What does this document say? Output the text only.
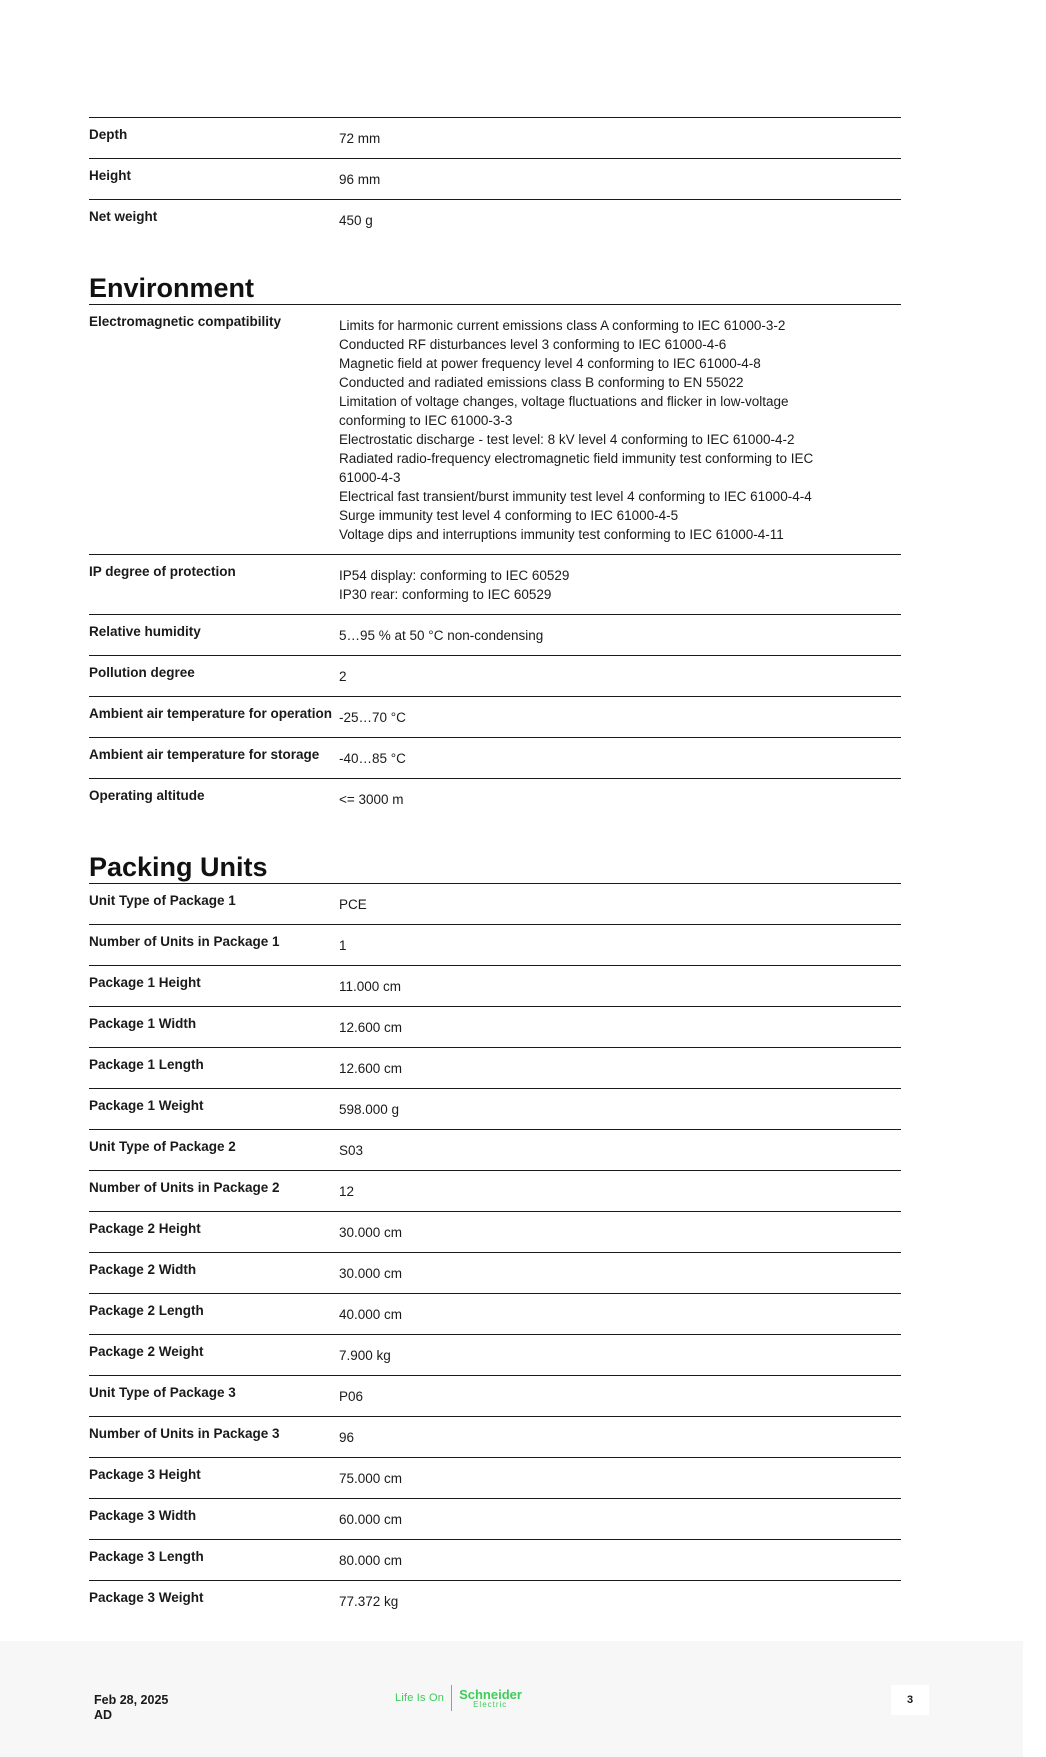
Depth	72 mm
Height	96 mm
Net weight	450 g
Environment
Electromagnetic compatibility	Limits for harmonic current emissions class A conforming to IEC 61000-3-2
Conducted RF disturbances level 3 conforming to IEC 61000-4-6
Magnetic field at power frequency level 4 conforming to IEC 61000-4-8
Conducted and radiated emissions class B conforming to EN 55022
Limitation of voltage changes, voltage fluctuations and flicker in low-voltage
conforming to IEC 61000-3-3
Electrostatic discharge - test level: 8 kV level 4 conforming to IEC 61000-4-2
Radiated radio-frequency electromagnetic field immunity test conforming to IEC
61000-4-3
Electrical fast transient/burst immunity test level 4 conforming to IEC 61000-4-4
Surge immunity test level 4 conforming to IEC 61000-4-5
Voltage dips and interruptions immunity test conforming to IEC 61000-4-11
IP degree of protection	IP54 display: conforming to IEC 60529
IP30 rear: conforming to IEC 60529
Relative humidity	5…95 % at 50 °C non-condensing
Pollution degree	2
Ambient air temperature for operation -25…70 °C
Ambient air temperature for storage	-40…85 °C
Operating altitude	<= 3000 m
Packing Units
Unit Type of Package 1	PCE
Number of Units in Package 1	1
Package 1 Height	11.000 cm
Package 1 Width	12.600 cm
Package 1 Length	12.600 cm
Package 1 Weight	598.000 g
Unit Type of Package 2	S03
Number of Units in Package 2	12
Package 2 Height	30.000 cm
Package 2 Width	30.000 cm
Package 2 Length	40.000 cm
Package 2 Weight	7.900 kg
Unit Type of Package 3	P06
Number of Units in Package 3	96
Package 3 Height	75.000 cm
Package 3 Width	60.000 cm
Package 3 Length	80.000 cm
Package 3 Weight	77.372 kg
Feb 28, 2025
AD
Life Is On Schneider
Electric	3
